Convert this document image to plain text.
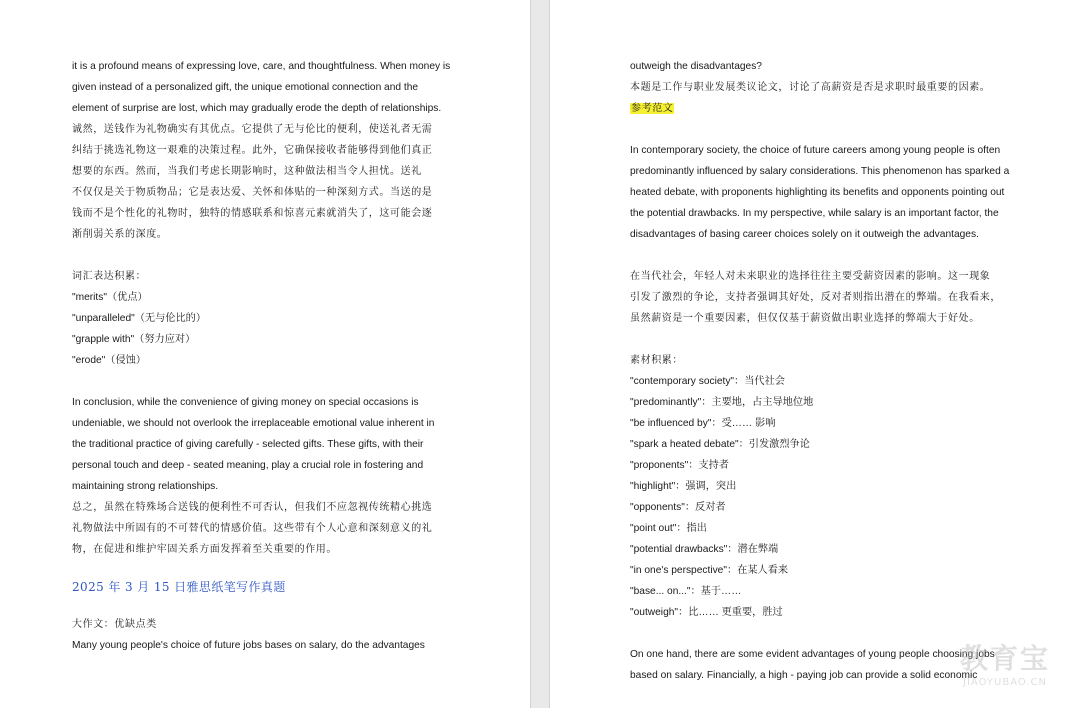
it is a profound means of expressing love, care, and thoughtfulness. When money is
given instead of a personalized gift, the unique emotional connection and the
element of surprise are lost, which may gradually erode the depth of relationships.
诚然，送钱作为礼物确实有其优点。它提供了无与伦比的便利，使送礼者无需
纠结于挑选礼物这一艰难的决策过程。此外，它确保接收者能够得到他们真正
想要的东西。然而，当我们考虑长期影响时，这种做法相当令人担忧。送礼
不仅仅是关于物质物品；它是表达爱、关怀和体贴的一种深刻方式。当送的是
钱而不是个性化的礼物时，独特的情感联系和惊喜元素就消失了，这可能会逐
渐削弱关系的深度。
词汇表达积累：
"merits"（优点）
"unparalleled"（无与伦比的）
"grapple with"（努力应对）
"erode"（侵蚀）
In conclusion, while the convenience of giving money on special occasions is
undeniable, we should not overlook the irreplaceable emotional value inherent in
the traditional practice of giving carefully - selected gifts. These gifts, with their
personal touch and deep - seated meaning, play a crucial role in fostering and
maintaining strong relationships.
总之，虽然在特殊场合送钱的便利性不可否认，但我们不应忽视传统精心挑选
礼物做法中所固有的不可替代的情感价值。这些带有个人心意和深刻意义的礼
物，在促进和维护牢固关系方面发挥着至关重要的作用。
2025 年 3 月 15 日雅思纸笔写作真题
大作文：优缺点类
Many young people's choice of future jobs bases on salary, do the advantages
outweigh the disadvantages?
本题是工作与职业发展类议论文，讨论了高薪资是否是求职时最重要的因素。
参考范文
In contemporary society, the choice of future careers among young people is often
predominantly influenced by salary considerations. This phenomenon has sparked a
heated debate, with proponents highlighting its benefits and opponents pointing out
the potential drawbacks. In my perspective, while salary is an important factor, the
disadvantages of basing career choices solely on it outweigh the advantages.
在当代社会，年轻人对未来职业的选择往往主要受薪资因素的影响。这一现象
引发了激烈的争论，支持者强调其好处，反对者则指出潜在的弊端。在我看来，
虽然薪资是一个重要因素，但仅仅基于薪资做出职业选择的弊端大于好处。
素材积累：
"contemporary society"：当代社会
"predominantly"：主要地，占主导地位地
"be influenced by"：受…… 影响
"spark a heated debate"：引发激烈争论
"proponents"：支持者
"highlight"：强调，突出
"opponents"：反对者
"point out"：指出
"potential drawbacks"：潜在弊端
"in one's perspective"：在某人看来
"base... on..."：基于……
"outweigh"：比…… 更重要，胜过
On one hand, there are some evident advantages of young people choosing jobs
based on salary. Financially, a high - paying job can provide a solid economic
教育宝
JIAOYUBAO.CN
